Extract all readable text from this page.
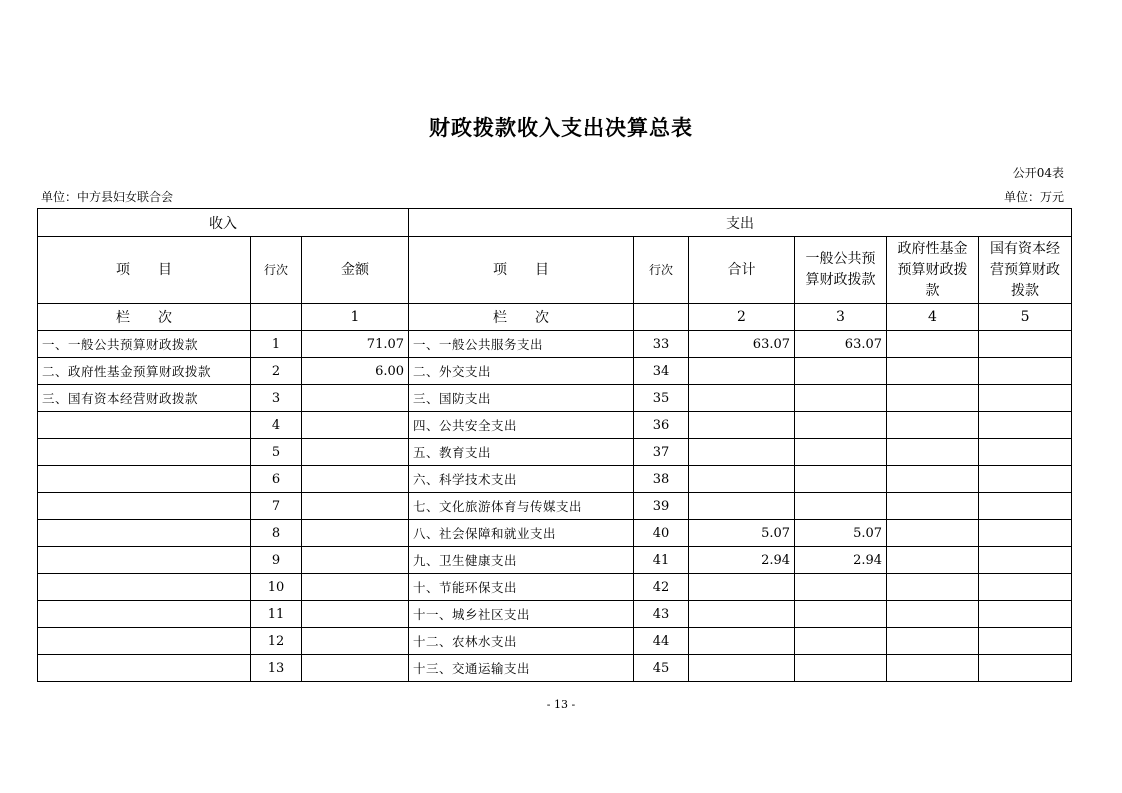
财政拨款收入支出决算总表
公开04表
单位：中方县妇女联合会	单位：万元
收入			支出					
项　　目	行次	金额	项　　目	行次	合计	一般公共预算财政拨款	政府性基金预算财政拨款	国有资本经营预算财政拨款
栏　　次		1	栏　　次		2	3	4	5
一、一般公共预算财政拨款	1	71.07	一、一般公共服务支出	33	63.07	63.07		
二、政府性基金预算财政拨款	2	6.00	二、外交支出	34				
三、国有资本经营财政拨款	3		三、国防支出	35				
	4		四、公共安全支出	36				
	5		五、教育支出	37				
	6		六、科学技术支出	38				
	7		七、文化旅游体育与传媒支出	39				
	8		八、社会保障和就业支出	40	5.07	5.07		
	9		九、卫生健康支出	41	2.94	2.94		
	10		十、节能环保支出	42				
	11		十一、城乡社区支出	43				
	12		十二、农林水支出	44				
	13		十三、交通运输支出	45				
- 13 -
